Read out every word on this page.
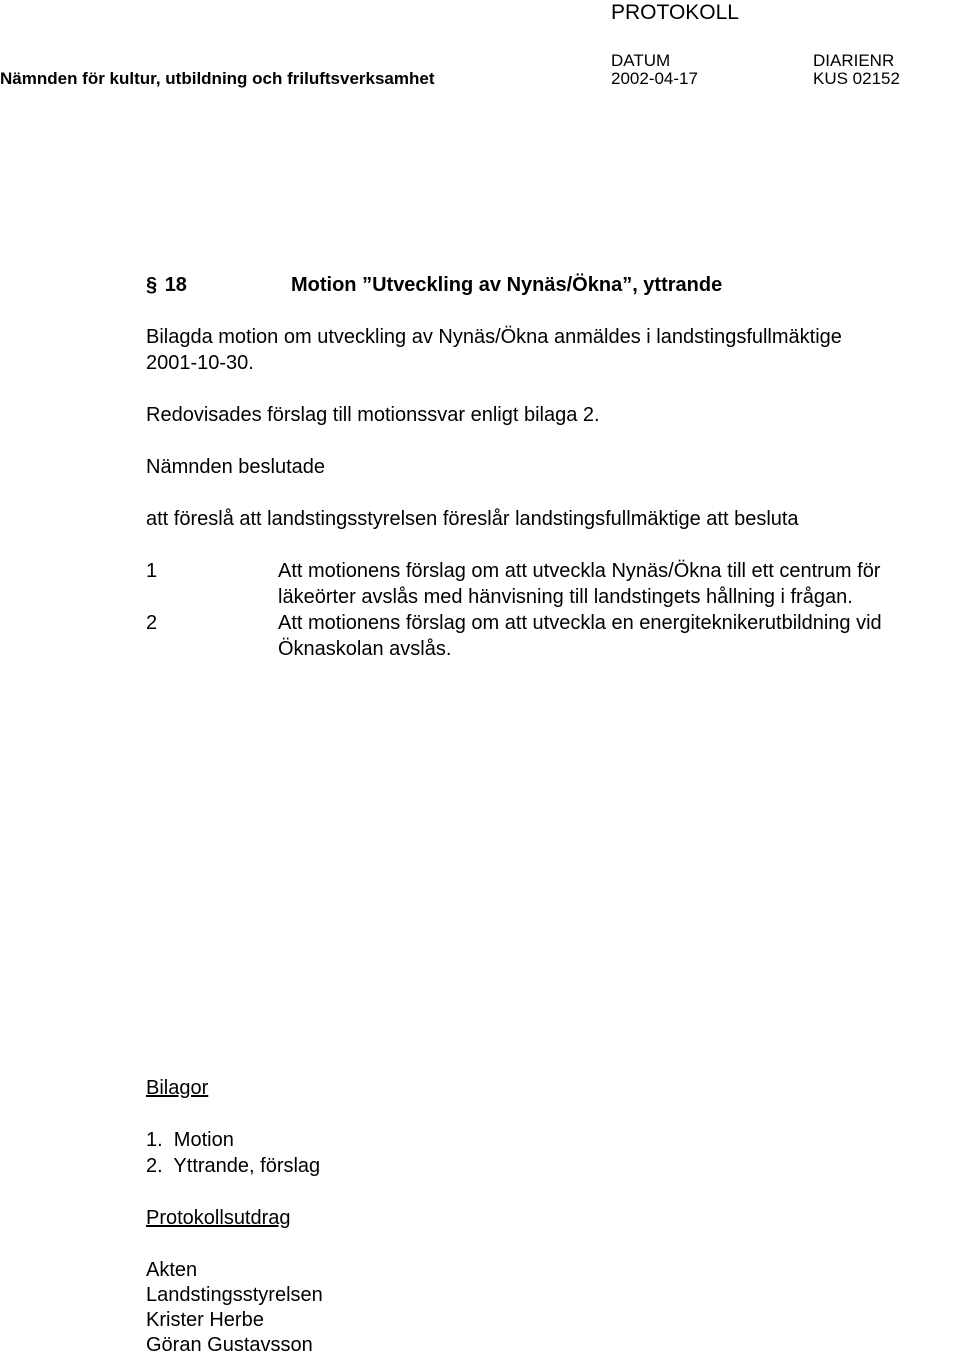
PROTOKOLL
Nämnden för kultur, utbildning och friluftsverksamhet
DATUM
2002-04-17
DIARIENR
KUS 02152
§ 18	Motion ”Utveckling av Nynäs/Ökna”, yttrande
Bilagda motion om utveckling av Nynäs/Ökna anmäldes i landstingsfullmäktige
2001-10-30.
Redovisades förslag till motionssvar enligt bilaga 2.
Nämnden beslutade
att föreslå att landstingsstyrelsen föreslår landstingsfullmäktige att besluta
1	Att motionens förslag om att utveckla Nynäs/Ökna till ett centrum för
läkeörter avslås med hänvisning till landstingets hållning i frågan.
2	Att motionens förslag om att utveckla en energiteknikerutbildning vid
Öknaskolan avslås.
Bilagor
1.  Motion
2.  Yttrande, förslag
Protokollsutdrag
Akten
Landstingsstyrelsen
Krister Herbe
Göran Gustavsson
